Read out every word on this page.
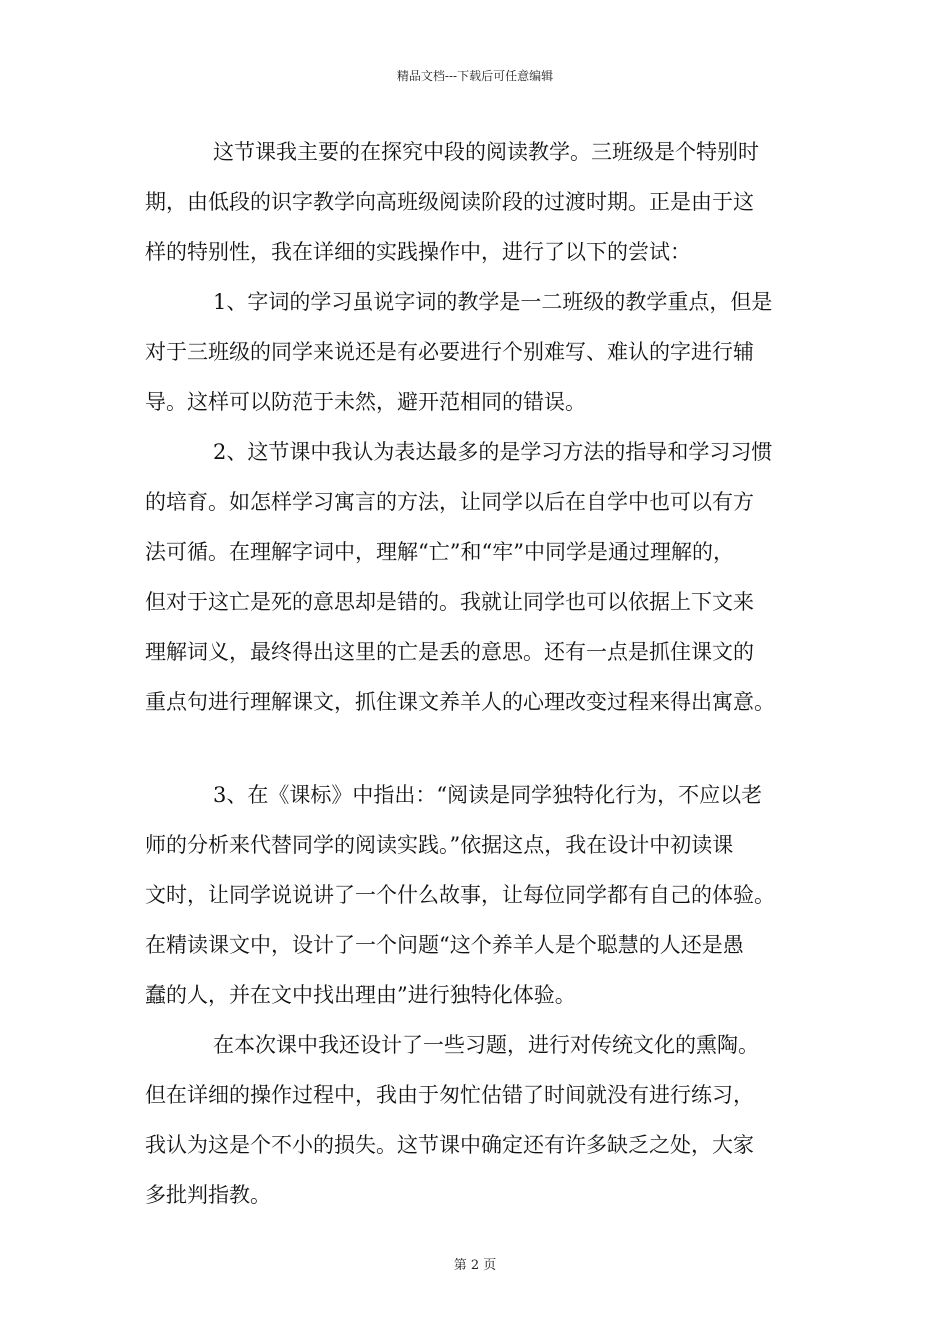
精品文档---下载后可任意编辑
这节课我主要的在探究中段的阅读教学。三班级是个特别时
期，由低段的识字教学向高班级阅读阶段的过渡时期。正是由于这
样的特别性，我在详细的实践操作中，进行了以下的尝试：
1、字词的学习虽说字词的教学是一二班级的教学重点，但是
对于三班级的同学来说还是有必要进行个别难写、难认的字进行辅
导。这样可以防范于未然，避开范相同的错误。
2、这节课中我认为表达最多的是学习方法的指导和学习习惯
的培育。如怎样学习寓言的方法，让同学以后在自学中也可以有方
法可循。在理解字词中，理解“亡”和“牢”中同学是通过理解的，
但对于这亡是死的意思却是错的。我就让同学也可以依据上下文来
理解词义，最终得出这里的亡是丢的意思。还有一点是抓住课文的
重点句进行理解课文，抓住课文养羊人的心理改变过程来得出寓意。
3、在《课标》中指出：“阅读是同学独特化行为，不应以老
师的分析来代替同学的阅读实践。”依据这点，我在设计中初读课
文时，让同学说说讲了一个什么故事，让每位同学都有自己的体验。
在精读课文中，设计了一个问题“这个养羊人是个聪慧的人还是愚
蠢的人，并在文中找出理由”进行独特化体验。
在本次课中我还设计了一些习题，进行对传统文化的熏陶。
但在详细的操作过程中，我由于匆忙估错了时间就没有进行练习，
我认为这是个不小的损失。这节课中确定还有许多缺乏之处，大家
多批判指教。
第 2 页
